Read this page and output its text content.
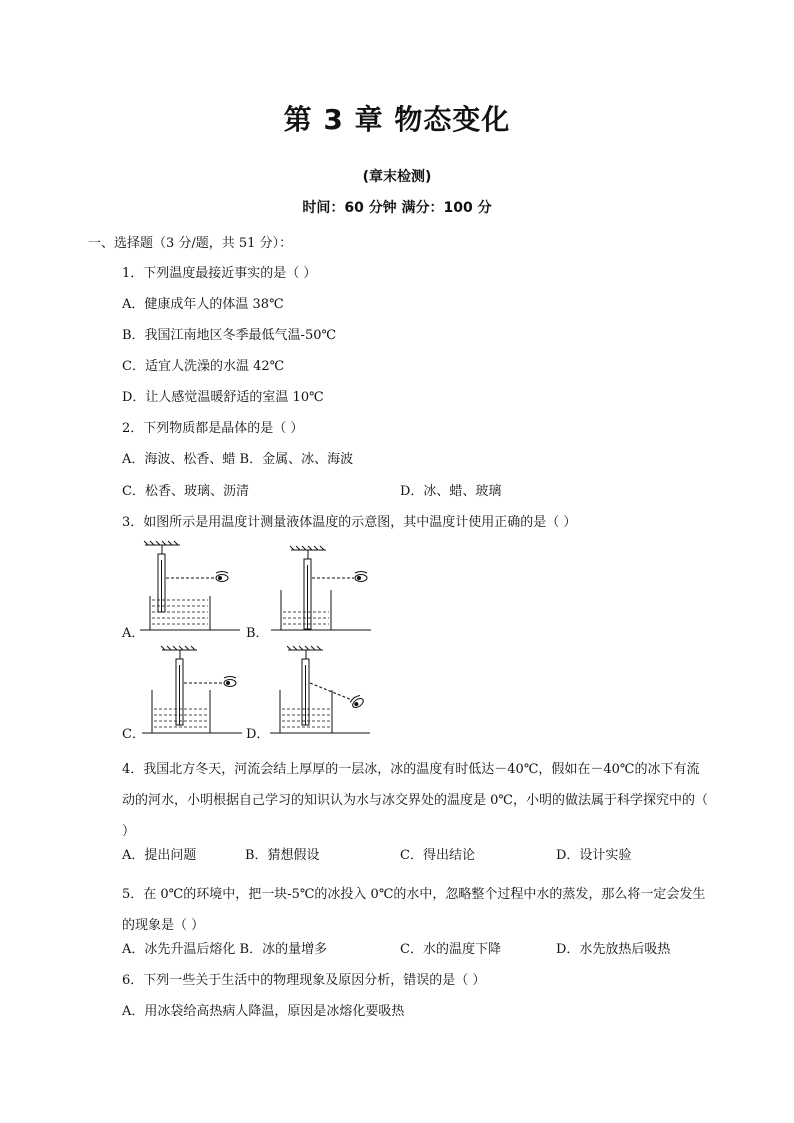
第 3 章 物态变化
(章末检测)
时间：60 分钟 满分：100 分
一、选择题（3 分/题，共 51 分）：
1．下列温度最接近事实的是（ ）
A．健康成年人的体温 38℃
B．我国江南地区冬季最低气温-50℃
C．适宜人洗澡的水温 42℃
D．让人感觉温暖舒适的室温 10℃
2．下列物质都是晶体的是（ ）
A．海波、松香、蜡 B．金属、冰、海波
C．松香、玻璃、沥清	D．冰、蜡、玻璃
3．如图所示是用温度计测量液体温度的示意图，其中温度计使用正确的是（ ）
A．	B．
C．	D．
4．我国北方冬天，河流会结上厚厚的一层冰，冰的温度有时低达－40℃，假如在－40℃的冰下有流动的河水，小明根据自己学习的知识认为水与冰交界处的温度是 0℃，小明的做法属于科学探究中的（ ）
A．提出问题	B．猜想假设	C．得出结论	D．设计实验
5．在 0℃的环境中，把一块-5℃的冰投入 0℃的水中，忽略整个过程中水的蒸发，那么将一定会发生的现象是（ ）
A．冰先升温后熔化 B．冰的量增多	C．水的温度下降	D．水先放热后吸热
6．下列一些关于生活中的物理现象及原因分析，错误的是（ ）
A．用冰袋给高热病人降温，原因是冰熔化要吸热
